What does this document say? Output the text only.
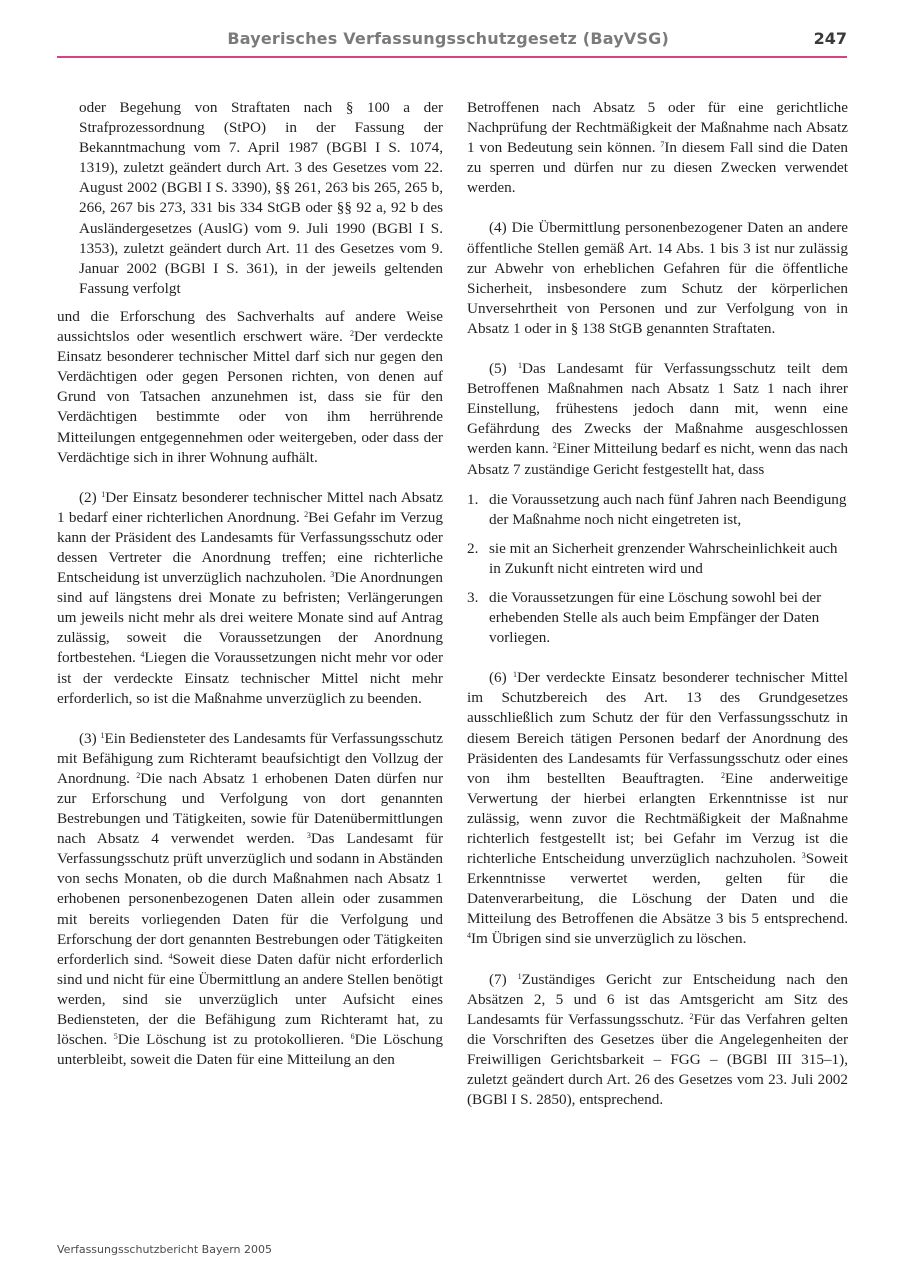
Bayerisches Verfassungsschutzgesetz (BayVSG)	247
oder Begehung von Straftaten nach § 100 a der Strafprozessordnung (StPO) in der Fassung der Bekanntmachung vom 7. April 1987 (BGBl I S. 1074, 1319), zuletzt geändert durch Art. 3 des Gesetzes vom 22. August 2002 (BGBl I S. 3390), §§ 261, 263 bis 265, 265 b, 266, 267 bis 273, 331 bis 334 StGB oder §§ 92 a, 92 b des Ausländergesetzes (AuslG) vom 9. Juli 1990 (BGBl I S. 1353), zuletzt geändert durch Art. 11 des Gesetzes vom 9. Januar 2002 (BGBl I S. 361), in der jeweils geltenden Fassung verfolgt

und die Erforschung des Sachverhalts auf andere Weise aussichtslos oder wesentlich erschwert wäre. $^2$Der verdeckte Einsatz besonderer technischer Mittel darf sich nur gegen den Verdächtigen oder gegen Personen richten, von denen auf Grund von Tatsachen anzunehmen ist, dass sie für den Verdächtigen bestimmte oder von ihm herrührende Mitteilungen entgegennehmen oder weitergeben, oder dass der Verdächtige sich in ihrer Wohnung aufhält.

(2) $^1$Der Einsatz besonderer technischer Mittel nach Absatz 1 bedarf einer richterlichen Anordnung. $^2$Bei Gefahr im Verzug kann der Präsident des Landesamts für Verfassungsschutz oder dessen Vertreter die Anordnung treffen; eine richterliche Entscheidung ist unverzüglich nachzuholen. $^3$Die Anordnungen sind auf längstens drei Monate zu befristen; Verlängerungen um jeweils nicht mehr als drei weitere Monate sind auf Antrag zulässig, soweit die Voraussetzungen der Anordnung fortbestehen. $^4$Liegen die Voraussetzungen nicht mehr vor oder ist der verdeckte Einsatz technischer Mittel nicht mehr erforderlich, so ist die Maßnahme unverzüglich zu beenden.

(3) $^1$Ein Bediensteter des Landesamts für Verfassungsschutz mit Befähigung zum Richteramt beaufsichtigt den Vollzug der Anordnung. $^2$Die nach Absatz 1 erhobenen Daten dürfen nur zur Erforschung und Verfolgung von dort genannten Bestrebungen und Tätigkeiten, sowie für Datenübermittlungen nach Absatz 4 verwendet werden. $^3$Das Landesamt für Verfassungsschutz prüft unverzüglich und sodann in Abständen von sechs Monaten, ob die durch Maßnahmen nach Absatz 1 erhobenen personenbezogenen Daten allein oder zusammen mit bereits vorliegenden Daten für die Verfolgung und Erforschung der dort genannten Bestrebungen oder Tätigkeiten erforderlich sind. $^4$Soweit diese Daten dafür nicht erforderlich sind und nicht für eine Übermittlung an andere Stellen benötigt werden, sind sie unverzüglich unter Aufsicht eines Bediensteten, der die Befähigung zum Richteramt hat, zu löschen. $^5$Die Löschung ist zu protokollieren. $^6$Die Löschung unterbleibt, soweit die Daten für eine Mitteilung an den

Betroffenen nach Absatz 5 oder für eine gerichtliche Nachprüfung der Rechtmäßigkeit der Maßnahme nach Absatz 1 von Bedeutung sein können. $^7$In diesem Fall sind die Daten zu sperren und dürfen nur zu diesen Zwecken verwendet werden.

(4) Die Übermittlung personenbezogener Daten an andere öffentliche Stellen gemäß Art. 14 Abs. 1 bis 3 ist nur zulässig zur Abwehr von erheblichen Gefahren für die öffentliche Sicherheit, insbesondere zum Schutz der körperlichen Unversehrtheit von Personen und zur Verfolgung von in Absatz 1 oder in § 138 StGB genannten Straftaten.

(5) $^1$Das Landesamt für Verfassungsschutz teilt dem Betroffenen Maßnahmen nach Absatz 1 Satz 1 nach ihrer Einstellung, frühestens jedoch dann mit, wenn eine Gefährdung des Zwecks der Maßnahme ausgeschlossen werden kann. $^2$Einer Mitteilung bedarf es nicht, wenn das nach Absatz 7 zuständige Gericht festgestellt hat, dass

1. die Voraussetzung auch nach fünf Jahren nach Beendigung der Maßnahme noch nicht eingetreten ist,
2. sie mit an Sicherheit grenzender Wahrscheinlichkeit auch in Zukunft nicht eintreten wird und
3. die Voraussetzungen für eine Löschung sowohl bei der erhebenden Stelle als auch beim Empfänger der Daten vorliegen.

(6) $^1$Der verdeckte Einsatz besonderer technischer Mittel im Schutzbereich des Art. 13 des Grundgesetzes ausschließlich zum Schutz der für den Verfassungsschutz in diesem Bereich tätigen Personen bedarf der Anordnung des Präsidenten des Landesamts für Verfassungsschutz oder eines von ihm bestellten Beauftragten. $^2$Eine anderweitige Verwertung der hierbei erlangten Erkenntnisse ist nur zulässig, wenn zuvor die Rechtmäßigkeit der Maßnahme richterlich festgestellt ist; bei Gefahr im Verzug ist die richterliche Entscheidung unverzüglich nachzuholen. $^3$Soweit Erkenntnisse verwertet werden, gelten für die Datenverarbeitung, die Löschung der Daten und die Mitteilung des Betroffenen die Absätze 3 bis 5 entsprechend. $^4$Im Übrigen sind sie unverzüglich zu löschen.

(7) $^1$Zuständiges Gericht zur Entscheidung nach den Absätzen 2, 5 und 6 ist das Amtsgericht am Sitz des Landesamts für Verfassungsschutz. $^2$Für das Verfahren gelten die Vorschriften des Gesetzes über die Angelegenheiten der Freiwilligen Gerichtsbarkeit – FGG – (BGBl III 315–1), zuletzt geändert durch Art. 26 des Gesetzes vom 23. Juli 2002 (BGBl I S. 2850), entsprechend.

Verfassungsschutzbericht Bayern 2005
